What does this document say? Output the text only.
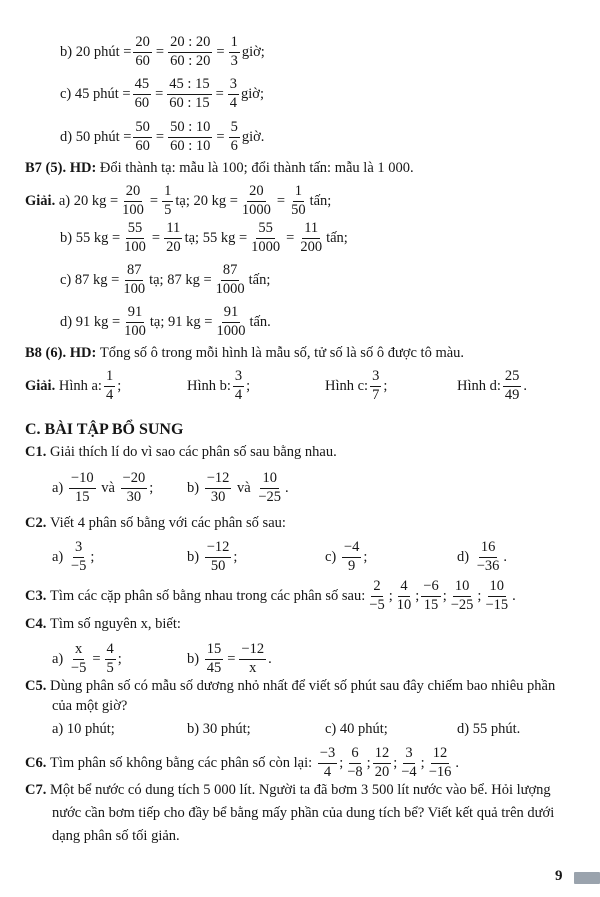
b) 20 phút = $\frac{20}{60} = \frac{20 : 20}{60 : 20} = \frac{1}{3}$ giờ;
c) 45 phút = $\frac{45}{60} = \frac{45 : 15}{60 : 15} = \frac{3}{4}$ giờ;
d) 50 phút = $\frac{50}{60} = \frac{50 : 10}{60 : 10} = \frac{5}{6}$ giờ.
B7 (5). HD:
Đổi thành tạ: mẫu là 100; đổi thành tấn: mẫu là 1 000.
Giải.
a) 20 kg = $\frac{20}{100} = \frac{1}{5}$ tạ; 20 kg = $\frac{20}{1000} = \frac{1}{50}$ tấn;
b) 55 kg = $\frac{55}{100} = \frac{11}{20}$ tạ; 55 kg = $\frac{55}{1000} = \frac{11}{200}$ tấn;
c) 87 kg = $\frac{87}{100}$ tạ; 87 kg = $\frac{87}{1000}$ tấn;
d) 91 kg = $\frac{91}{100}$ tạ; 91 kg = $\frac{91}{1000}$ tấn.
B8 (6). HD:
Tổng số ô trong mỗi hình là mẫu số, tử số là số ô được tô màu.
Giải.
Hình a: $\frac{1}{4}$ ;	Hình b: $\frac{3}{4}$ ;	Hình c: $\frac{3}{7}$ ;	Hình d: $\frac{25}{49}$ .
C. BÀI TẬP BỔ SUNG
C1.
Giải thích lí do vì sao các phân số sau bằng nhau.
a)
$\frac{-10}{15}$
và
$\frac{-20}{30}$ ; b)
$\frac{-12}{30}$
và
$\frac{10}{-25}$ .
C2.
Viết 4 phân số bằng với các phân số sau:
a)
$\frac{3}{-5}$ ;	b)
$\frac{-12}{50}$ ;	c)
$\frac{-4}{9}$ ;	d)
$\frac{16}{-36}$ .
C3.
Tìm các cặp phân số bằng nhau trong các phân số sau: $\frac{2}{-5}$ ; $\frac{4}{10}$ ; $\frac{-6}{15}$ ; $\frac{10}{-25}$ ; $\frac{10}{-15}$ .
C4.
Tìm số nguyên x, biết:
a)
$\frac{x}{-5} = \frac{4}{5}$ ;	b)
$\frac{15}{45} = \frac{-12}{x}$ .
C5.
Dùng phân số có mẫu số dương nhỏ nhất để viết số phút sau đây chiếm bao nhiêu phần
của một giờ?
a) 10 phút;	b) 30 phút;	c) 40 phút;	d) 55 phút.
C6.
Tìm phân số không bằng các phân số còn lại:
$\frac{-3}{4}$ ; $\frac{6}{-8}$ ; $\frac{12}{20}$ ; $\frac{3}{-4}$ ; $\frac{12}{-16}$ .
C7.
Một bể nước có dung tích 5 000 lít. Người ta đã bơm 3 500 lít nước vào bể. Hỏi lượng
nước cần bơm tiếp cho đầy bể bằng mấy phần của dung tích bể? Viết kết quả trên dưới
dạng phân số tối giản.
9
